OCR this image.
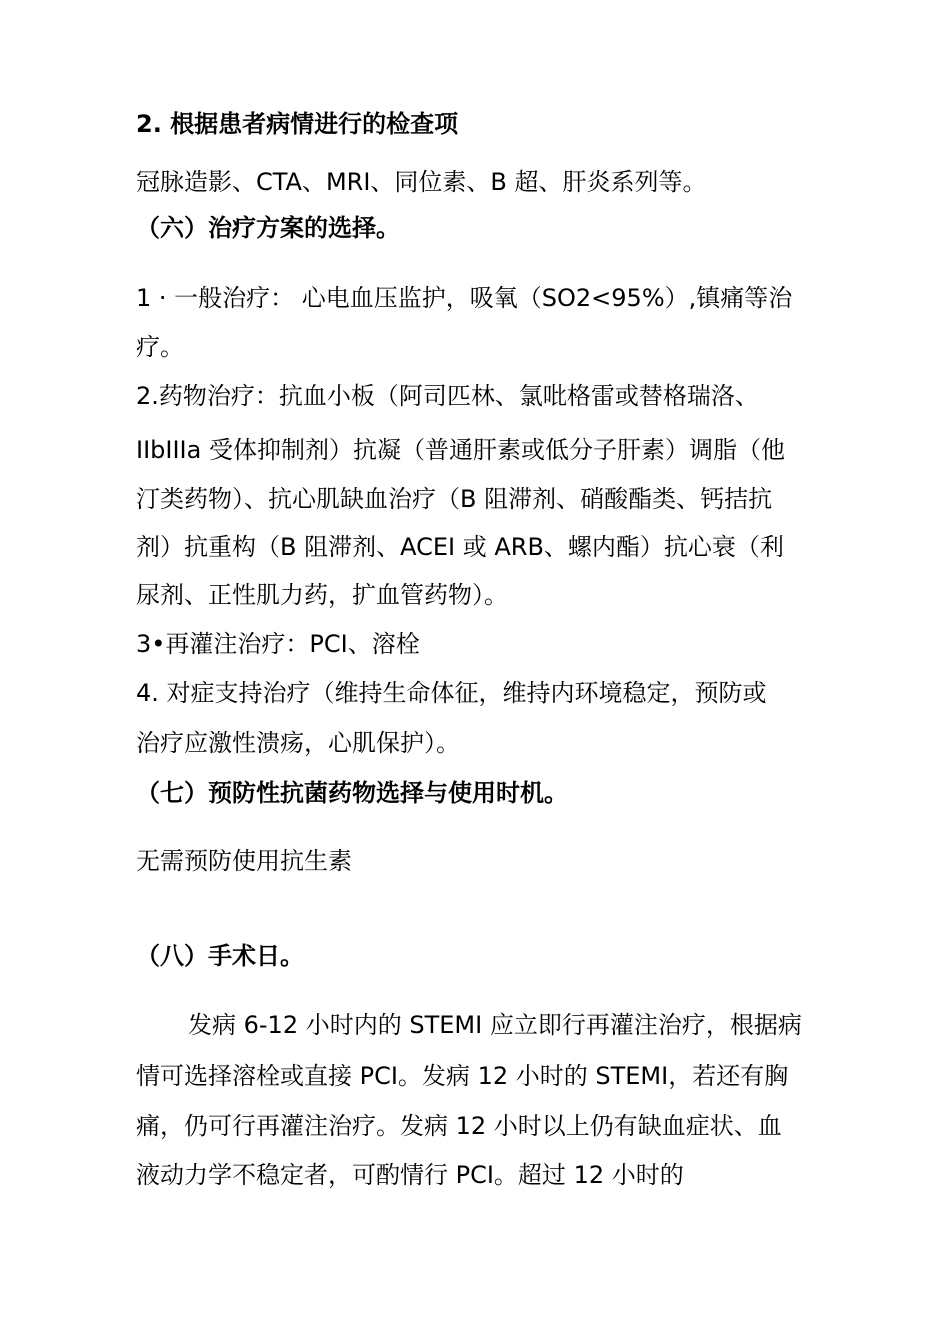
2. 根据患者病情进行的检查项
冠脉造影、CTA、MRI、同位素、B 超、肝炎系列等。
（六）治疗方案的选择。
1 · 一般治疗： 心电血压监护，吸氧（SO2<95%）,镇痛等治
疗。
2.药物治疗：抗血小板（阿司匹林、氯吡格雷或替格瑞洛、
IIbIIIa 受体抑制剂）抗凝（普通肝素或低分子肝素）调脂（他
汀类药物）、抗心肌缺血治疗（B 阻滞剂、硝酸酯类、钙拮抗
剂）抗重构（B 阻滞剂、ACEI 或 ARB、螺内酯）抗心衰（利
尿剂、正性肌力药，扩血管药物）。
3•再灌注治疗：PCI、溶栓
4. 对症支持治疗（维持生命体征，维持内环境稳定，预防或
治疗应激性溃疡，心肌保护）。
（七）预防性抗菌药物选择与使用时机。
无需预防使用抗生素
（八）手术日。
发病 6-12 小时内的 STEMI 应立即行再灌注治疗，根据病
情可选择溶栓或直接 PCI。发病 12 小时的 STEMI，若还有胸
痛，仍可行再灌注治疗。发病 12 小时以上仍有缺血症状、血
液动力学不稳定者，可酌情行 PCI。超过 12 小时的
